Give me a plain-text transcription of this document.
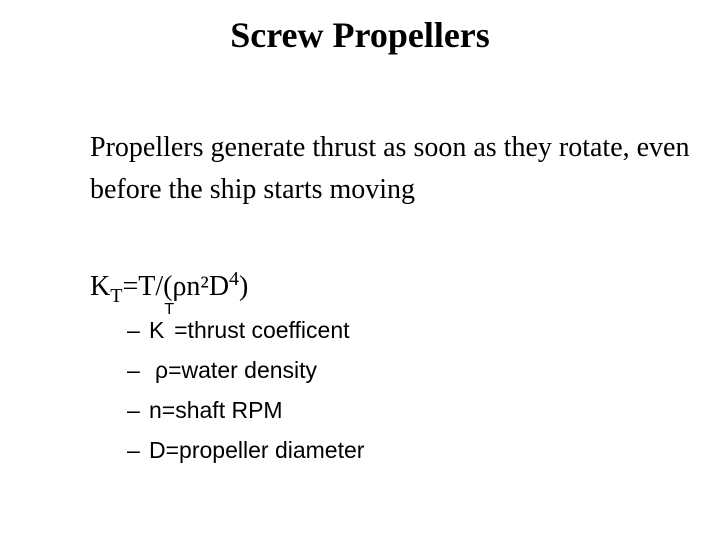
Screw Propellers
Propellers generate thrust as soon as they rotate, even before the ship starts moving
$K_T=T/(\rho n^2D^4)$
– K
T
=thrust coefficent
– ρ =water density
– n =shaft RPM
– D =propeller diameter
